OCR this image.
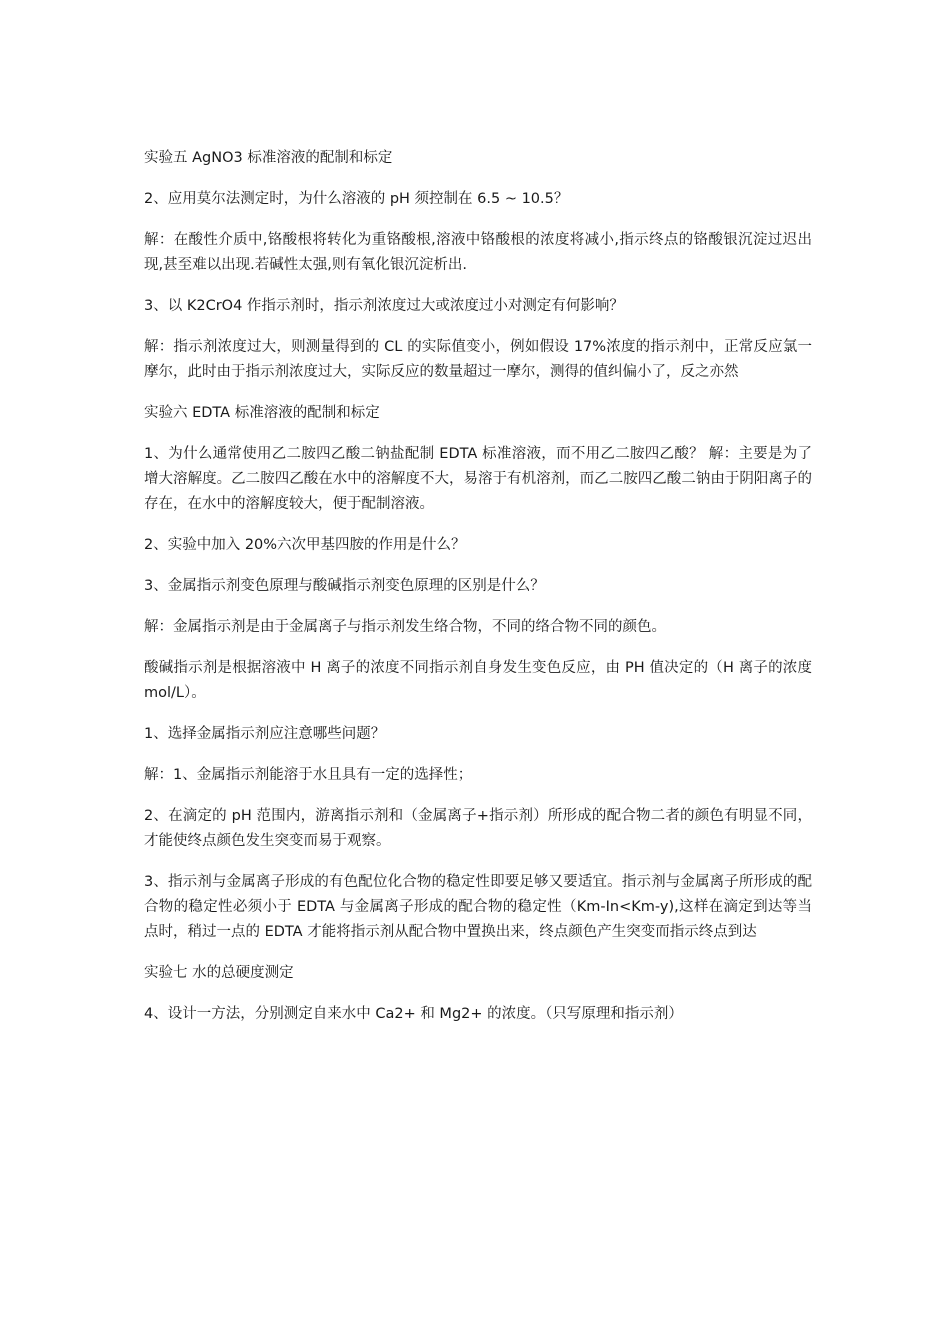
实验五 AgNO3 标准溶液的配制和标定

2、应用莫尔法测定时，为什么溶液的 pH 须控制在 6.5 ~ 10.5？

解：在酸性介质中,铬酸根将转化为重铬酸根,溶液中铬酸根的浓度将减小,指示终点的铬酸银沉淀过迟出现,甚至难以出现.若碱性太强,则有氧化银沉淀析出.

3、以 K2CrO4 作指示剂时，指示剂浓度过大或浓度过小对测定有何影响？

解：指示剂浓度过大，则测量得到的 CL 的实际值变小，例如假设 17%浓度的指示剂中，正常反应氯一摩尔，此时由于指示剂浓度过大，实际反应的数量超过一摩尔，测得的值纠偏小了，反之亦然

实验六 EDTA 标准溶液的配制和标定

1、为什么通常使用乙二胺四乙酸二钠盐配制 EDTA 标准溶液，而不用乙二胺四乙酸？ 解：主要是为了增大溶解度。乙二胺四乙酸在水中的溶解度不大，易溶于有机溶剂，而乙二胺四乙酸二钠由于阴阳离子的存在，在水中的溶解度较大，便于配制溶液。

2、实验中加入 20%六次甲基四胺的作用是什么？

3、金属指示剂变色原理与酸碱指示剂变色原理的区别是什么？

解：金属指示剂是由于金属离子与指示剂发生络合物，不同的络合物不同的颜色。

酸碱指示剂是根据溶液中 H 离子的浓度不同指示剂自身发生变色反应，由 PH 值决定的（H 离子的浓度 mol/L）。

1、选择金属指示剂应注意哪些问题？

解：1、金属指示剂能溶于水且具有一定的选择性；

2、在滴定的 pH 范围内，游离指示剂和（金属离子+指示剂）所形成的配合物二者的颜色有明显不同，才能使终点颜色发生突变而易于观察。

3、指示剂与金属离子形成的有色配位化合物的稳定性即要足够又要适宜。指示剂与金属离子所形成的配合物的稳定性必须小于 EDTA 与金属离子形成的配合物的稳定性（Km-In<Km-y),这样在滴定到达等当点时，稍过一点的 EDTA 才能将指示剂从配合物中置换出来，终点颜色产生突变而指示终点到达

实验七 水的总硬度测定

4、设计一方法，分别测定自来水中 Ca2+ 和 Mg2+ 的浓度。（只写原理和指示剂）
